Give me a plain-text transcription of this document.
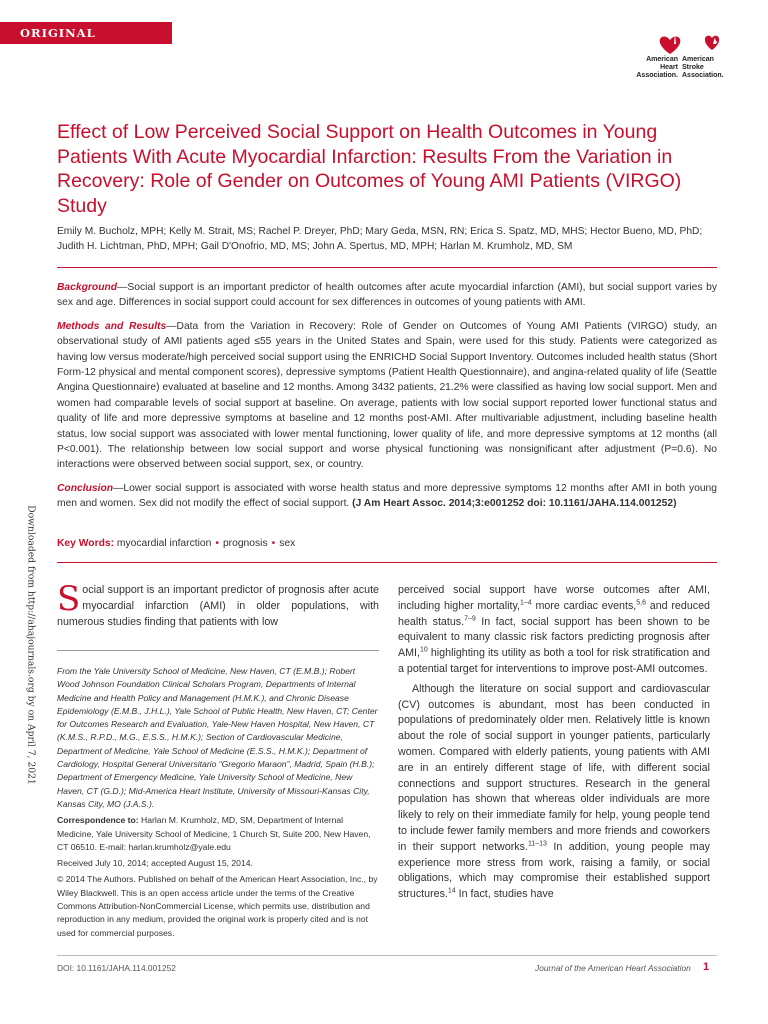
ORIGINAL RESEARCH	American
Heart
Association.
American
Stroke
Association.
Effect of Low Perceived Social Support on Health Outcomes in Young Patients With Acute Myocardial Infarction: Results From the Variation in Recovery: Role of Gender on Outcomes of Young AMI Patients (VIRGO) Study
Emily M. Bucholz, MPH; Kelly M. Strait, MS; Rachel P. Dreyer, PhD; Mary Geda, MSN, RN; Erica S. Spatz, MD, MHS; Hector Bueno, MD, PhD; Judith H. Lichtman, PhD, MPH; Gail D'Onofrio, MD, MS; John A. Spertus, MD, MPH; Harlan M. Krumholz, MD, SM

Background—Social support is an important predictor of health outcomes after acute myocardial infarction (AMI), but social support varies by sex and age. Differences in social support could account for sex differences in outcomes of young patients with AMI.

Methods and Results—Data from the Variation in Recovery: Role of Gender on Outcomes of Young AMI Patients (VIRGO) study, an observational study of AMI patients aged ≤55 years in the United States and Spain, were used for this study. Patients were categorized as having low versus moderate/high perceived social support using the ENRICHD Social Support Inventory. Outcomes included health status (Short Form-12 physical and mental component scores), depressive symptoms (Patient Health Questionnaire), and angina-related quality of life (Seattle Angina Questionnaire) evaluated at baseline and 12 months. Among 3432 patients, 21.2% were classified as having low social support. Men and women had comparable levels of social support at baseline. On average, patients with low social support reported lower functional status and quality of life and more depressive symptoms at baseline and 12 months post-AMI. After multivariable adjustment, including baseline health status, low social support was associated with lower mental functioning, lower quality of life, and more depressive symptoms at 12 months (all P<0.001). The relationship between low social support and worse physical functioning was nonsignificant after adjustment (P=0.6). No interactions were observed between social support, sex, or country.

Conclusion—Lower social support is associated with worse health status and more depressive symptoms 12 months after AMI in both young men and women. Sex did not modify the effect of social support. (J Am Heart Assoc. 2014;3:e001252 doi: 10.1161/JAHA.114.001252)

Key Words: myocardial infarction • prognosis • sex

Social support is an important predictor of prognosis after acute myocardial infarction (AMI) in older populations, with numerous studies finding that patients with low

From the Yale University School of Medicine, New Haven, CT (E.M.B.); Robert Wood Johnson Foundation Clinical Scholars Program, Departments of Internal Medicine and Health Policy and Management (H.M.K.), and Chronic Disease Epidemiology (E.M.B., J.H.L.), Yale School of Public Health, New Haven, CT; Center for Outcomes Research and Evaluation, Yale-New Haven Hospital, New Haven, CT (K.M.S., R.P.D., M.G., E.S.S., H.M.K.); Section of Cardiovascular Medicine, Department of Medicine, Yale School of Medicine (E.S.S., H.M.K.); Department of Cardiology, Hospital General Universitario “Gregorio Maraon”, Madrid, Spain (H.B.); Department of Emergency Medicine, Yale University School of Medicine, New Haven, CT (G.D.); Mid-America Heart Institute, University of Missouri-Kansas City, Kansas City, MO (J.A.S.).

Correspondence to: Harlan M. Krumholz, MD, SM, Department of Internal Medicine, Yale University School of Medicine, 1 Church St, Suite 200, New Haven, CT 06510. E-mail: harlan.krumholz@yale.edu

Received July 10, 2014; accepted August 15, 2014.

© 2014 The Authors. Published on behalf of the American Heart Association, Inc., by Wiley Blackwell. This is an open access article under the terms of the Creative Commons Attribution-NonCommercial License, which permits use, distribution and reproduction in any medium, provided the original work is properly cited and is not used for commercial purposes.

perceived social support have worse outcomes after AMI, including higher mortality,$^{1-4}$ more cardiac events,$^{5,6}$ and reduced health status.$^{7-9}$ In fact, social support has been shown to be equivalent to many classic risk factors predicting prognosis after AMI,$^{10}$ highlighting its utility as both a tool for risk stratification and a potential target for interventions to improve post-AMI outcomes.

Although the literature on social support and cardiovascular (CV) outcomes is abundant, most has been conducted in populations of predominately older men. Relatively little is known about the role of social support in younger patients, particularly women. Compared with elderly patients, young patients with AMI are in an entirely different stage of life, with different social connections and support structures. Research in the general population has shown that whereas older individuals are more likely to rely on their immediate family for help, young people tend to include fewer family members and more friends and coworkers in their support networks.$^{11-13}$ In addition, young people may experience more stress from work, raising a family, or social obligations, which may compromise their established support structures.$^{14}$ In fact, studies have

Downloaded from http://ahajournals.org by on April 7, 2021
DOI: 10.1161/JAHA.114.001252	Journal of the American Heart Association 1
